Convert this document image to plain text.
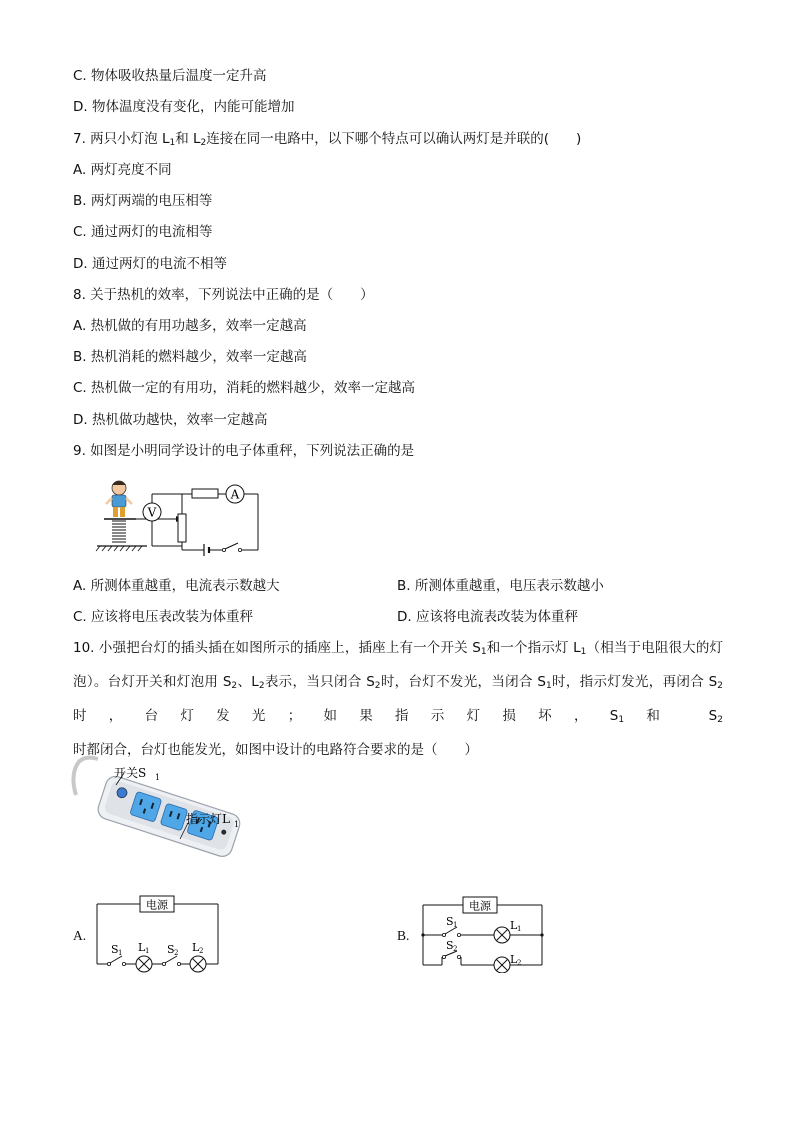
C. 物体吸收热量后温度一定升高
D. 物体温度没有变化，内能可能增加
7. 两只小灯泡 $L_1$和 $L_2$连接在同一电路中，以下哪个特点可以确认两灯是并联的(　　)
A. 两灯亮度不同
B. 两灯两端的电压相等
C. 通过两灯的电流相等
D. 通过两灯的电流不相等
8. 关于热机的效率，下列说法中正确的是（　　）
A. 热机做的有用功越多，效率一定越高
B. 热机消耗的燃料越少，效率一定越高
C. 热机做一定的有用功，消耗的燃料越少，效率一定越高
D. 热机做功越快，效率一定越高
9. 如图是小明同学设计的电子体重秤，下列说法正确的是
V
A
A. 所测体重越重，电流表示数越大	B. 所测体重越重，电压表示数越小
C. 应该将电压表改装为体重秤	D. 应该将电流表改装为体重秤
10. 小强把台灯的插头插在如图所示的插座上，插座上有一个开关 $S_1$和一个指示灯 $L_1$（相当于电阻很大的灯泡）。台灯开关和灯泡用 $S_2$、$L_2$表示，当只闭合 $S_2$时，台灯不发光，当闭合 $S_1$时，指示灯发光，再闭合 $S_2$时，台灯发光；如果指示灯损坏，$S_1$和 $S_2$时都闭合，台灯也能发光，如图中设计的电路符合要求的是（　　）
开关S 1
指示灯L 1
A.
电源
S 1 L 1 S 2 L 2
B.
电源
S 1	L 1
S 2
L 2
